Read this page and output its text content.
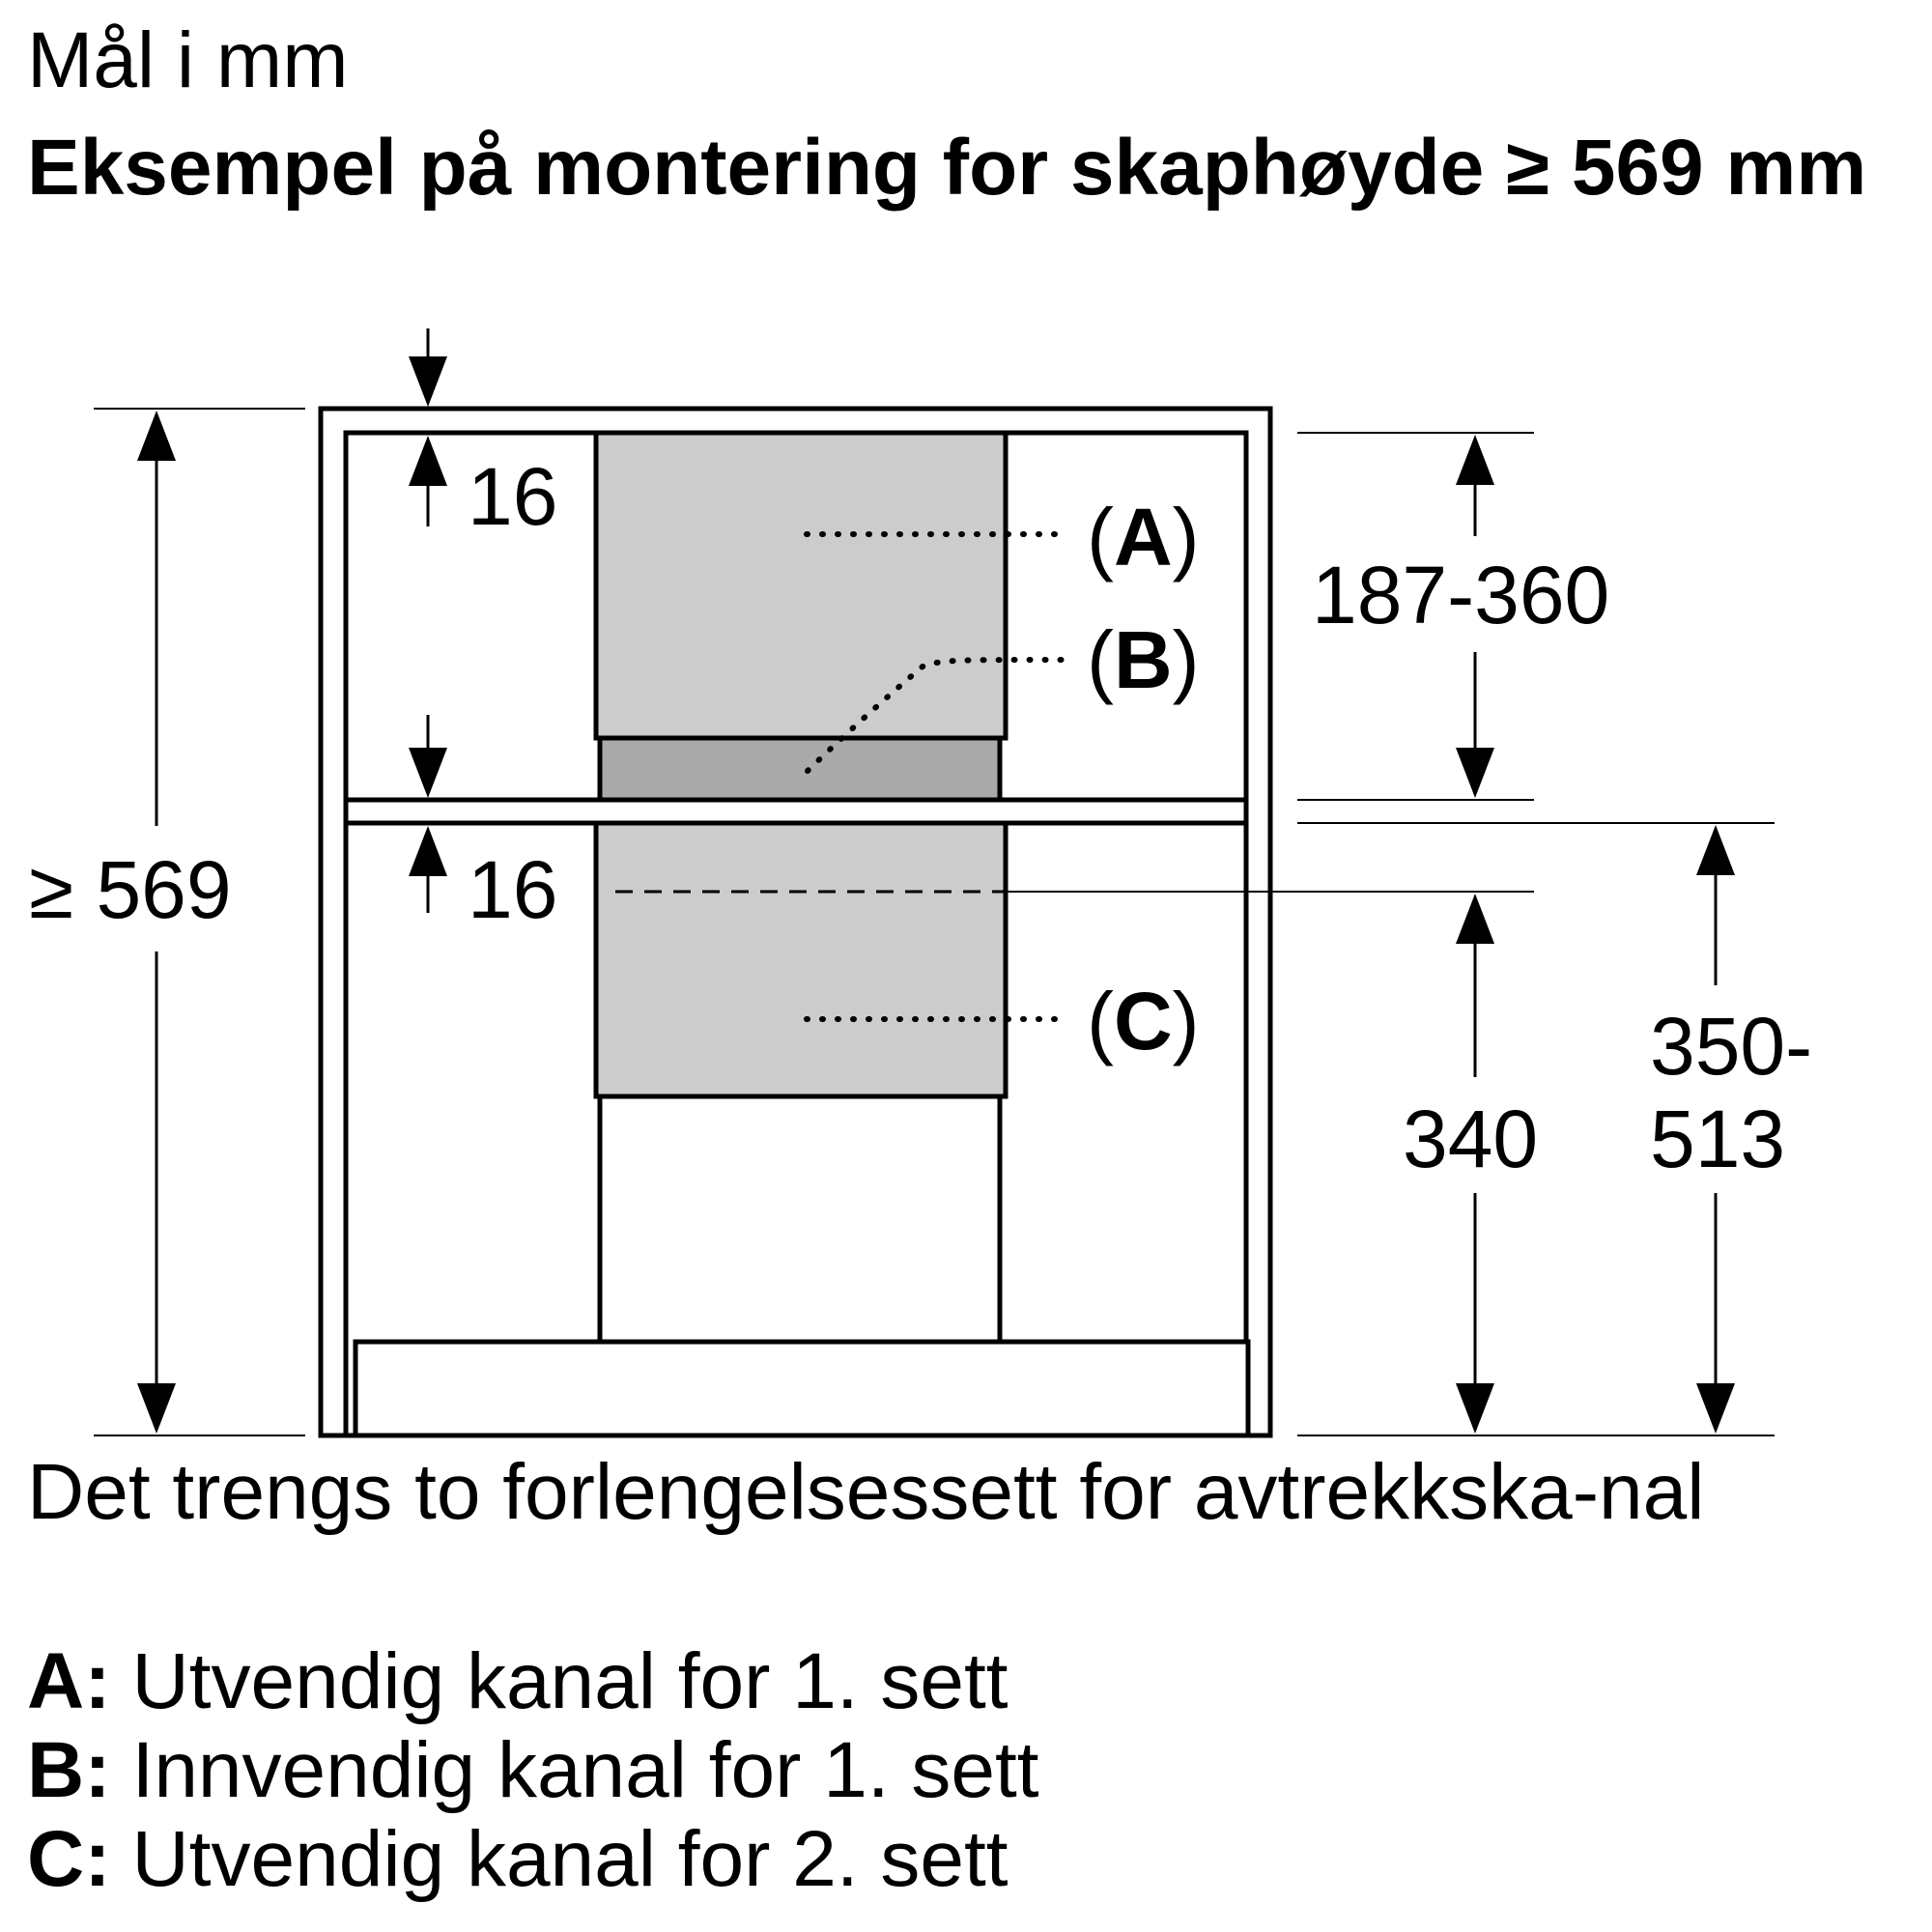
Mål i mm
Eksempel på montering for skaphøyde ≥ 569 mm
≥ 569
16
16
187-360
340
350-
513
(A)
(B)
(C)
Det trengs to forlengelsessett for avtrekkska-nal
A: Utvendig kanal for 1. sett
B: Innvendig kanal for 1. sett
C: Utvendig kanal for 2. sett
